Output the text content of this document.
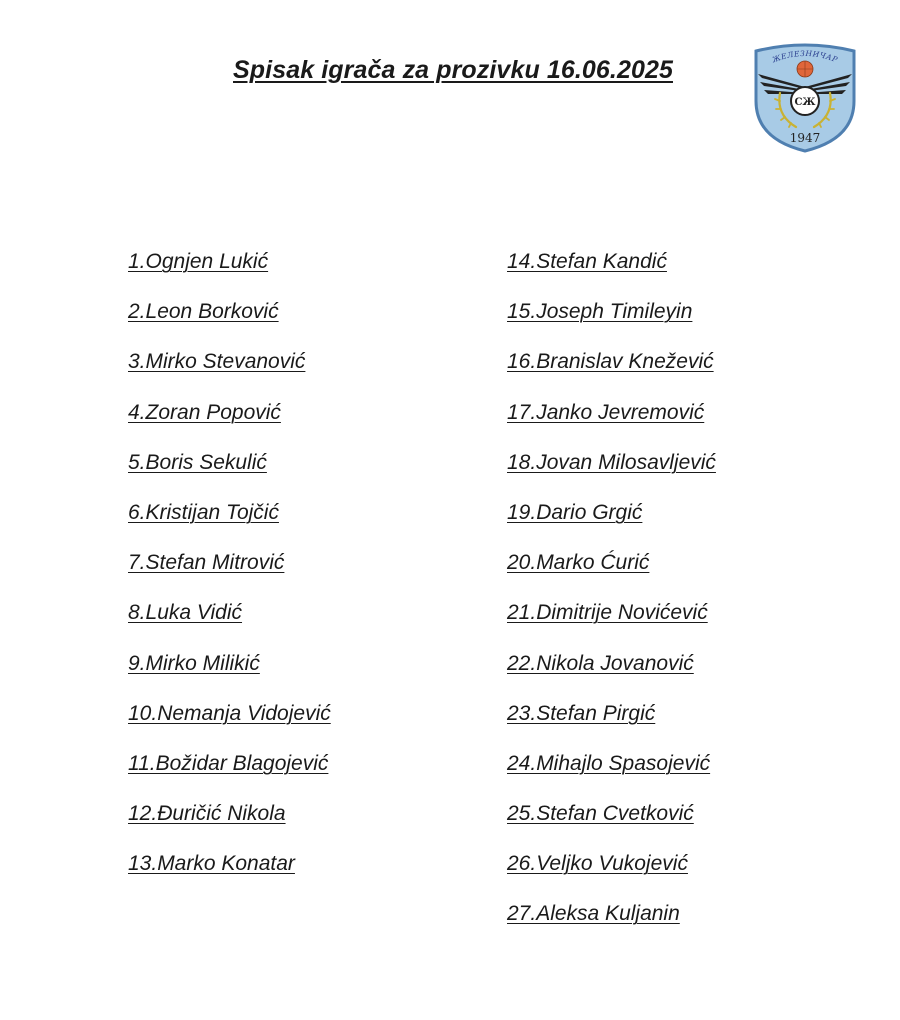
Spisak igrača za prozivku 16.06.2025	ЖЕЛЕЗНИЧАР
СЖ
1947
1.Ognjen Lukić
2.Leon Borković
3.Mirko Stevanović
4.Zoran Popović
5.Boris Sekulić
6.Kristijan Tojčić
7.Stefan Mitrović
8.Luka Vidić
9.Mirko Milikić
10.Nemanja Vidojević
11.Božidar Blagojević
12.Đuričić Nikola
13.Marko Konatar
14.Stefan Kandić
15.Joseph Timileyin
16.Branislav Knežević
17.Janko Jevremović
18.Jovan Milosavljević
19.Dario Grgić
20.Marko Ćurić
21.Dimitrije Novićević
22.Nikola Jovanović
23.Stefan Pirgić
24.Mihajlo Spasojević
25.Stefan Cvetković
26.Veljko Vukojević
27.Aleksa Kuljanin
